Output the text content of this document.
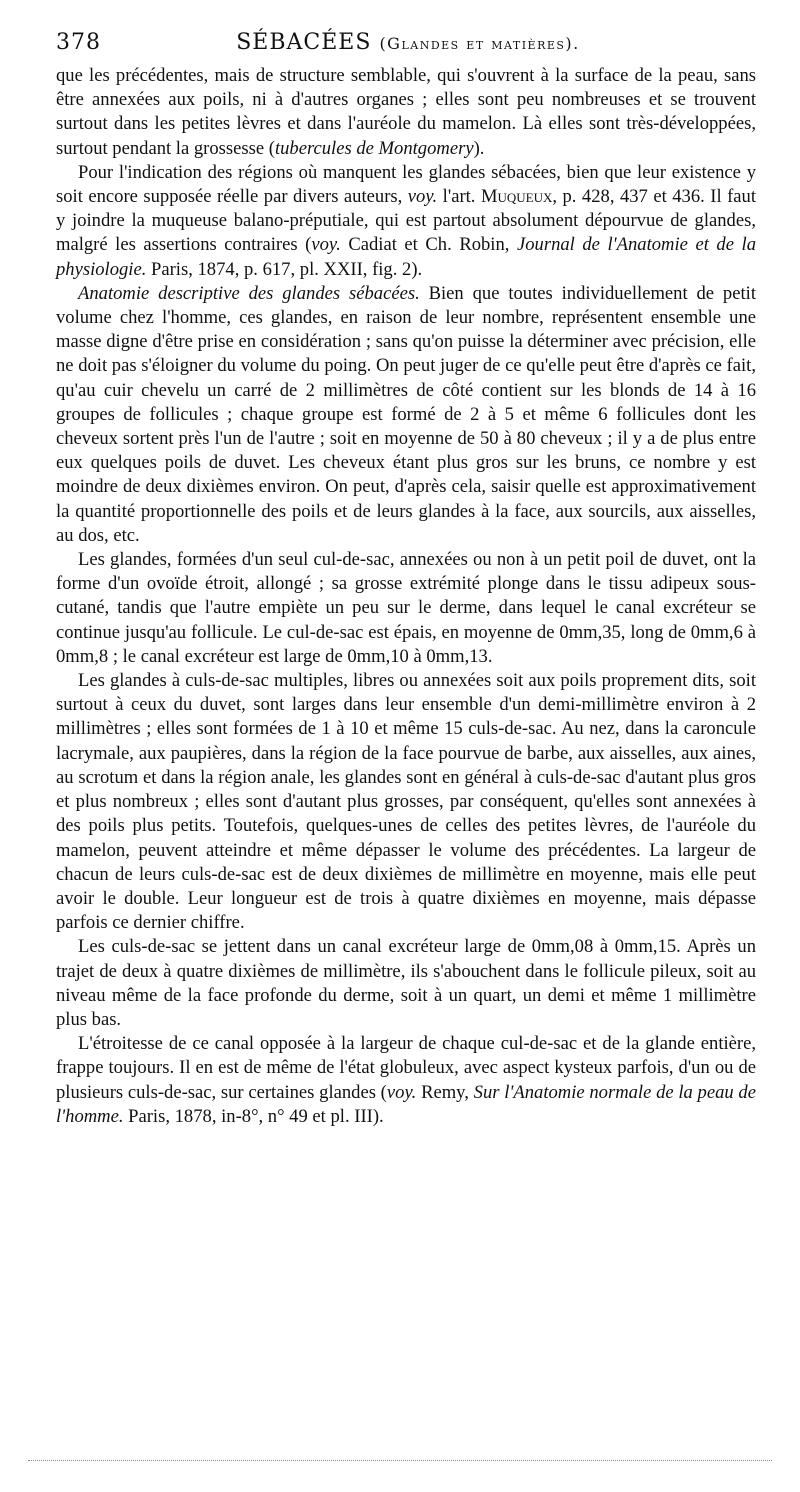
378	SÉBACÉES (Glandes et matières).

que les précédentes, mais de structure semblable, qui s'ouvrent à la surface de la peau, sans être annexées aux poils, ni à d'autres organes ; elles sont peu nombreuses et se trouvent surtout dans les petites lèvres et dans l'auréole du mamelon. Là elles sont très-développées, surtout pendant la grossesse (tubercules de Montgomery).

Pour l'indication des régions où manquent les glandes sébacées, bien que leur existence y soit encore supposée réelle par divers auteurs, voy. l'art. Muqueux, p. 428, 437 et 436. Il faut y joindre la muqueuse balano-préputiale, qui est partout absolument dépourvue de glandes, malgré les assertions contraires (voy. Cadiat et Ch. Robin, Journal de l'Anatomie et de la physiologie. Paris, 1874, p. 617, pl. XXII, fig. 2).

Anatomie descriptive des glandes sébacées. Bien que toutes individuellement de petit volume chez l'homme, ces glandes, en raison de leur nombre, représentent ensemble une masse digne d'être prise en considération ; sans qu'on puisse la déterminer avec précision, elle ne doit pas s'éloigner du volume du poing. On peut juger de ce qu'elle peut être d'après ce fait, qu'au cuir chevelu un carré de 2 millimètres de côté contient sur les blonds de 14 à 16 groupes de follicules ; chaque groupe est formé de 2 à 5 et même 6 follicules dont les cheveux sortent près l'un de l'autre ; soit en moyenne de 50 à 80 cheveux ; il y a de plus entre eux quelques poils de duvet. Les cheveux étant plus gros sur les bruns, ce nombre y est moindre de deux dixièmes environ. On peut, d'après cela, saisir quelle est approximativement la quantité proportionnelle des poils et de leurs glandes à la face, aux sourcils, aux aisselles, au dos, etc.

Les glandes, formées d'un seul cul-de-sac, annexées ou non à un petit poil de duvet, ont la forme d'un ovoïde étroit, allongé ; sa grosse extrémité plonge dans le tissu adipeux sous-cutané, tandis que l'autre empiète un peu sur le derme, dans lequel le canal excréteur se continue jusqu'au follicule. Le cul-de-sac est épais, en moyenne de 0mm,35, long de 0mm,6 à 0mm,8 ; le canal excréteur est large de 0mm,10 à 0mm,13.

Les glandes à culs-de-sac multiples, libres ou annexées soit aux poils proprement dits, soit surtout à ceux du duvet, sont larges dans leur ensemble d'un demi-millimètre environ à 2 millimètres ; elles sont formées de 1 à 10 et même 15 culs-de-sac. Au nez, dans la caroncule lacrymale, aux paupières, dans la région de la face pourvue de barbe, aux aisselles, aux aines, au scrotum et dans la région anale, les glandes sont en général à culs-de-sac d'autant plus gros et plus nombreux ; elles sont d'autant plus grosses, par conséquent, qu'elles sont annexées à des poils plus petits. Toutefois, quelques-unes de celles des petites lèvres, de l'auréole du mamelon, peuvent atteindre et même dépasser le volume des précédentes. La largeur de chacun de leurs culs-de-sac est de deux dixièmes de millimètre en moyenne, mais elle peut avoir le double. Leur longueur est de trois à quatre dixièmes en moyenne, mais dépasse parfois ce dernier chiffre.

Les culs-de-sac se jettent dans un canal excréteur large de 0mm,08 à 0mm,15. Après un trajet de deux à quatre dixièmes de millimètre, ils s'abouchent dans le follicule pileux, soit au niveau même de la face profonde du derme, soit à un quart, un demi et même 1 millimètre plus bas.

L'étroitesse de ce canal opposée à la largeur de chaque cul-de-sac et de la glande entière, frappe toujours. Il en est de même de l'état globuleux, avec aspect kysteux parfois, d'un ou de plusieurs culs-de-sac, sur certaines glandes (voy. Remy, Sur l'Anatomie normale de la peau de l'homme. Paris, 1878, in-8°, n° 49 et pl. III).
